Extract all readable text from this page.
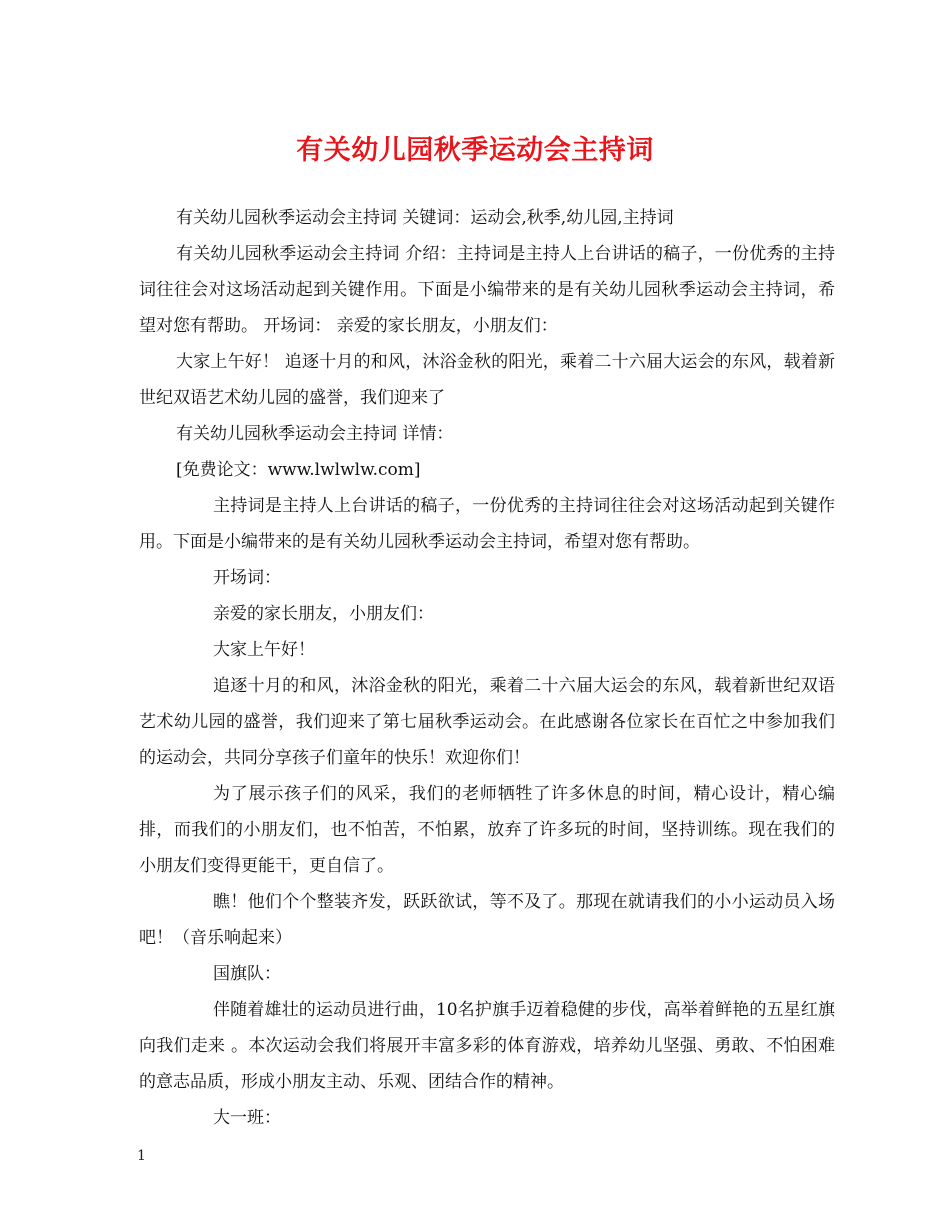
有关幼儿园秋季运动会主持词

有关幼儿园秋季运动会主持词 关键词：运动会,秋季,幼儿园,主持词

有关幼儿园秋季运动会主持词 介绍：主持词是主持人上台讲话的稿子，一份优秀的主持词往往会对这场活动起到关键作用。下面是小编带来的是有关幼儿园秋季运动会主持词，希望对您有帮助。 开场词： 亲爱的家长朋友，小朋友们：

大家上午好！ 追逐十月的和风，沐浴金秋的阳光，乘着二十六届大运会的东风，载着新世纪双语艺术幼儿园的盛誉，我们迎来了

有关幼儿园秋季运动会主持词 详情：

[免费论文：www.lwlwlw.com]

主持词是主持人上台讲话的稿子，一份优秀的主持词往往会对这场活动起到关键作用。下面是小编带来的是有关幼儿园秋季运动会主持词，希望对您有帮助。

开场词：

亲爱的家长朋友，小朋友们：

大家上午好！

追逐十月的和风，沐浴金秋的阳光，乘着二十六届大运会的东风，载着新世纪双语艺术幼儿园的盛誉，我们迎来了第七届秋季运动会。在此感谢各位家长在百忙之中参加我们的运动会，共同分享孩子们童年的快乐！欢迎你们！

为了展示孩子们的风采，我们的老师牺牲了许多休息的时间，精心设计，精心编排，而我们的小朋友们，也不怕苦，不怕累，放弃了许多玩的时间，坚持训练。现在我们的小朋友们变得更能干，更自信了。

瞧！他们个个整装齐发，跃跃欲试，等不及了。那现在就请我们的小小运动员入场吧！（音乐响起来）

国旗队：

伴随着雄壮的运动员进行曲，10名护旗手迈着稳健的步伐，高举着鲜艳的五星红旗向我们走来 。本次运动会我们将展开丰富多彩的体育游戏，培养幼儿坚强、勇敢、不怕困难的意志品质，形成小朋友主动、乐观、团结合作的精神。

大一班：

1
